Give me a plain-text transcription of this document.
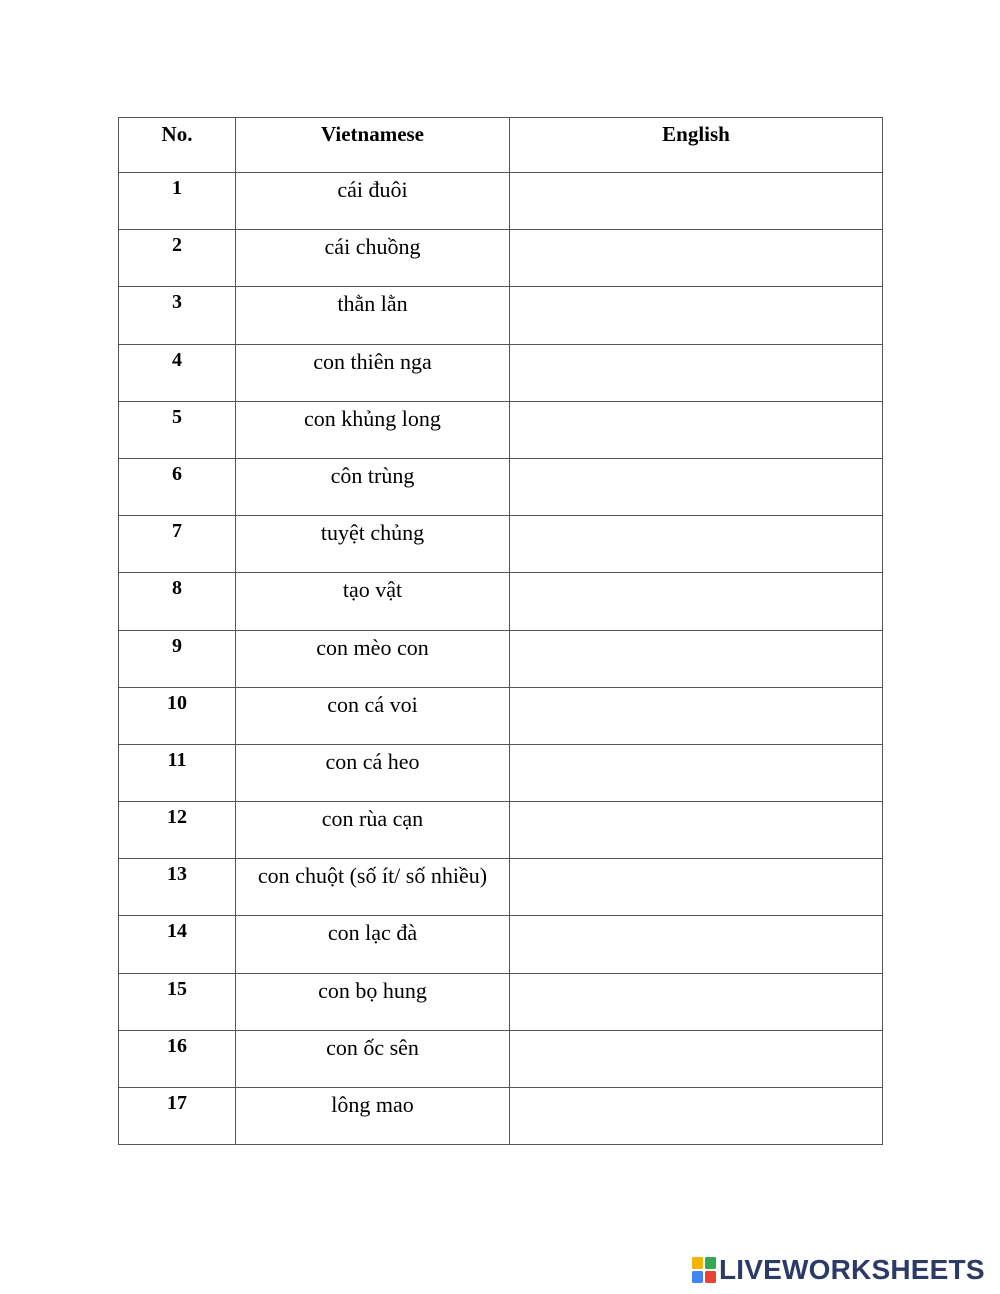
No.	Vietnamese	English
1	cái đuôi	

2	cái chuồng	

3	thằn lằn	

4	con thiên nga	

5	con khủng long	

6	côn trùng	

7	tuyệt chủng	

8	tạo vật	

9	con mèo con	

10	con cá voi	

11	con cá heo	

12	con rùa cạn	

13	con chuột (số ít/ số nhiều)	

14	con lạc đà	

15	con bọ hung	

16	con ốc sên	

17	lông mao	
LIVEWORKSHEETS
